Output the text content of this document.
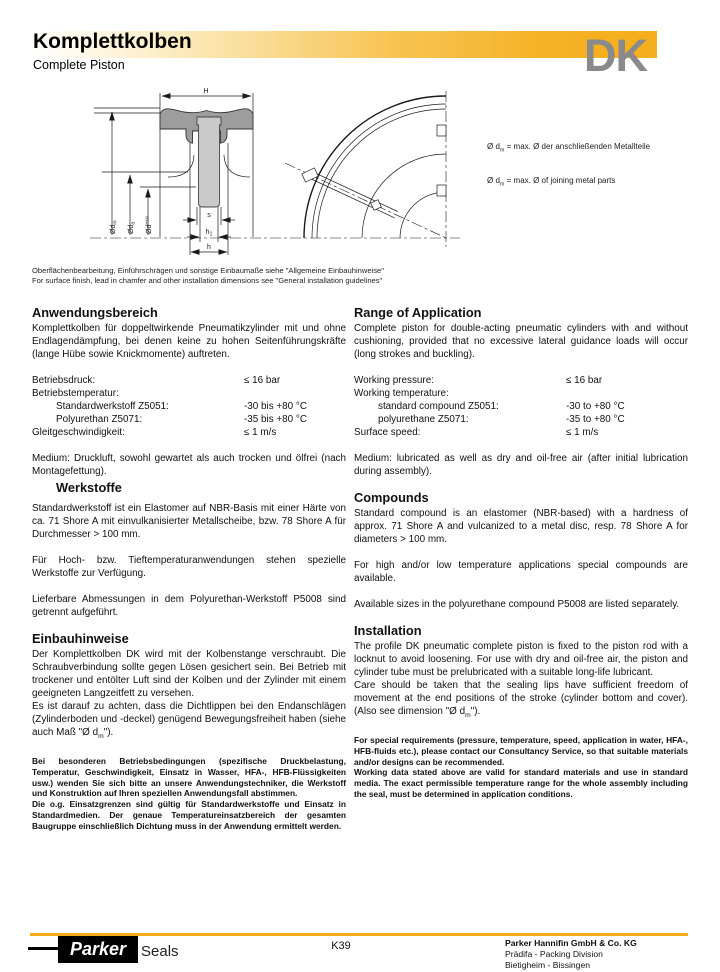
Komplettkolben
Complete Piston	DK
H
$Ød_m$
$Ød_a$
$Ød^{H10}$
s
$h_1$
h
Ø $d_m = \max$. Ø der anschließenden Metallteile
Ø $d_m = \max$. Ø of joining metal parts
Oberflächenbearbeitung, Einführschrägen und sonstige Einbaumaße siehe "Allgemeine Einbauhinweise"
For surface finish, lead in chamfer and other installation dimensions see "General installation guidelines"
Anwendungsbereich

Komplettkolben für doppeltwirkende Pneumatikzylinder mit und ohne Endlagendämpfung, bei denen keine zu hohen Seitenführungskräfte (lange Hübe sowie Knickmomente) auftreten.

Betriebsdruck:	≤ 16 bar
Betriebstemperatur:
Standardwerkstoff Z5051:	-30 bis +80 °C
Polyurethan Z5071:	-35 bis +80 °C
Gleitgeschwindigkeit:	≤ 1 m/s

Medium: Druckluft, sowohl gewartet als auch trocken und ölfrei (nach Montagefettung).

Werkstoffe

Standardwerkstoff ist ein Elastomer auf NBR-Basis mit einer Härte von ca. 71 Shore A mit einvulkanisierter Metallscheibe, bzw. 78 Shore A für Durchmesser > 100 mm.

Für Hoch- bzw. Tieftemperaturanwendungen stehen spezielle Werkstoffe zur Verfügung.

Lieferbare Abmessungen in dem Polyurethan-Werkstoff P5008 sind getrennt aufgeführt.

Einbauhinweise

Der Komplettkolben DK wird mit der Kolbenstange verschraubt. Die Schraubverbindung sollte gegen Lösen gesichert sein. Bei Betrieb mit trockener und entölter Luft sind der Kolben und der Zylinder mit einem geeigneten Langzeitfett zu versehen.

Es ist darauf zu achten, dass die Dichtlippen bei den Endanschlägen (Zylinderboden und -deckel) genügend Bewegungsfreiheit haben (siehe auch Maß "Ø $d_m$").

Bei besonderen Betriebsbedingungen (spezifische Druckbelastung, Temperatur, Geschwindigkeit, Einsatz in Wasser, HFA-, HFB-Flüssigkeiten usw.) wenden Sie sich bitte an unsere Anwendungstechniker, die Werkstoff und Konstruktion auf Ihren speziellen Anwendungsfall abstimmen.

Die o.g. Einsatzgrenzen sind gültig für Standardwerkstoffe und Einsatz in Standardmedien. Der genaue Temperatureinsatzbereich der gesamten Baugruppe einschließlich Dichtung muss in der Anwendung ermittelt werden.

Range of Application

Complete piston for double-acting pneumatic cylinders with and without cushioning, provided that no excessive lateral guidance loads will occur (long strokes and buckling).

Working pressure:	≤ 16 bar
Working temperature:
standard compound Z5051:	-30 to +80 °C
polyurethane Z5071:	-35 to +80 °C
Surface speed:	≤ 1 m/s

Medium: lubricated as well as dry and oil-free air (after initial lubrication during assembly).

Compounds

Standard compound is an elastomer (NBR-based) with a hardness of approx. 71 Shore A and vulcanized to a metal disc, resp. 78 Shore A for diameters > 100 mm.

For high and/or low temperature applications special compounds are available.

Available sizes in the polyurethane compound P5008 are listed separately.

Installation

The profile DK pneumatic complete piston is fixed to the piston rod with a locknut to avoid loosening. For use with dry and oil-free air, the piston and cylinder tube must be prelubricated with a suitable long-life lubricant.

Care should be taken that the sealing lips have sufficient freedom of movement at the end positions of the stroke (cylinder bottom and cover). (Also see dimension "Ø $d_m$").

For special requirements (pressure, temperature, speed, application in water, HFA-, HFB-fluids etc.), please contact our Consultancy Service, so that suitable materials and/or designs can be recommended.

Working data stated above are valid for standard materials and use in standard media. The exact permissible temperature range for the whole assembly including the seal, must be determined in application conditions.

Parker Seals	K39	Parker Hannifin GmbH & Co. KG
Prädifa - Packing Division
Bietigheim - Bissingen
